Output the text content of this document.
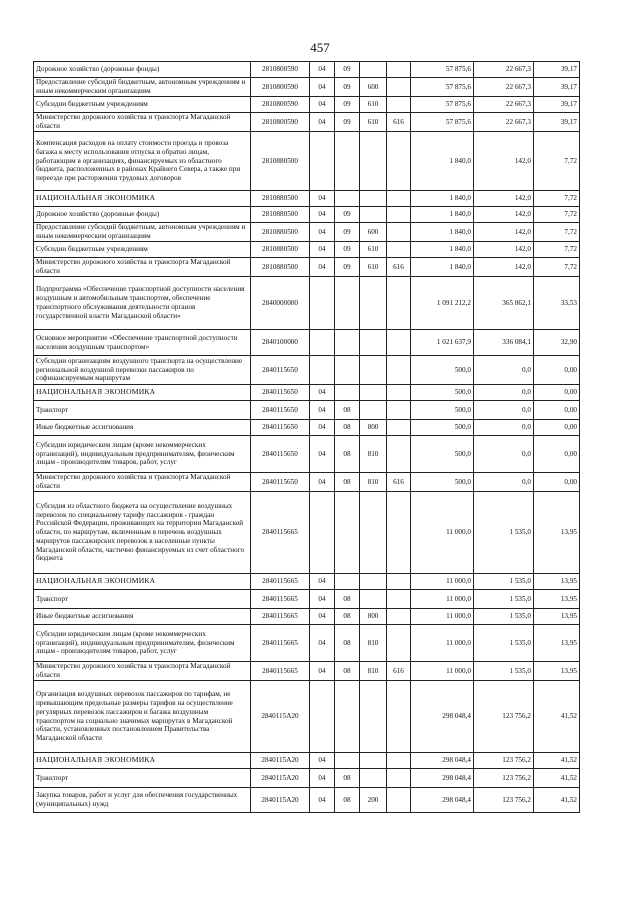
457
Дорожное хозяйство (дорожные фонды)	2810800590	04	09			57 875,6	22 667,3	39,17
Предоставление субсидий бюджетным, автономным учреждениям и иным некоммерческим организациям	2810800590	04	09	600		57 875,6	22 667,3	39,17
Субсидии бюджетным учреждениям	2810800590	04	09	610		57 875,6	22 667,3	39,17
Министерство дорожного хозяйства и транспорта Магаданской области	2810800590	04	09	610	616	57 875,6	22 667,3	39,17
Компенсация расходов на оплату стоимости проезда и провоза багажа к месту использования отпуска и обратно лицам, работающим в организациях, финансируемых из областного бюджета, расположенных в районах Крайнего Севера, а также при переезде при расторжении трудовых договоров	2810880500					1 840,0	142,0	7,72
НАЦИОНАЛЬНАЯ ЭКОНОМИКА	2810880500	04				1 840,0	142,0	7,72
Дорожное хозяйство (дорожные фонды)	2810880500	04	09			1 840,0	142,0	7,72
Предоставление субсидий бюджетным, автономным учреждениям и иным некоммерческим организациям	2810880500	04	09	600		1 840,0	142,0	7,72
Субсидии бюджетным учреждениям	2810880500	04	09	610		1 840,0	142,0	7,72
Министерство дорожного хозяйства и транспорта Магаданской области	2810880500	04	09	610	616	1 840,0	142,0	7,72
Подпрограмма «Обеспечение транспортной доступности населения воздушным и автомобильным транспортом, обеспечение транспортного обслуживания деятельности органов государственной власти Магаданской области»	2840000000					1 091 212,2	365 862,1	33,53
Основное мероприятие «Обеспечение транспортной доступности населения воздушным транспортом»	2840100000					1 021 637,9	336 084,1	32,90
Субсидии организациям воздушного транспорта на осуществление региональной воздушной перевозки пассажиров по софинансируемым маршрутам	2840115650					500,0	0,0	0,00
НАЦИОНАЛЬНАЯ ЭКОНОМИКА	2840115650	04				500,0	0,0	0,00
Транспорт	2840115650	04	08			500,0	0,0	0,00
Иные бюджетные ассигнования	2840115650	04	08	800		500,0	0,0	0,00
Субсидии юридическим лицам (кроме некоммерческих организаций), индивидуальным предпринимателям, физическим лицам - производителям товаров, работ, услуг	2840115650	04	08	810		500,0	0,0	0,00
Министерство дорожного хозяйства и транспорта Магаданской области	2840115650	04	08	810	616	500,0	0,0	0,00
Субсидия из областного бюджета на осуществление воздушных перевозок по специальному тарифу пассажиров - граждан Российской Федерации, проживающих на территории Магаданской области, по маршрутам, включенным в перечень воздушных маршрутов пассажирских перевозок в населенные пункты Магаданской области, частично финансируемых из счет областного бюджета	2840115665					11 000,0	1 535,0	13,95
НАЦИОНАЛЬНАЯ ЭКОНОМИКА	2840115665	04				11 000,0	1 535,0	13,95
Транспорт	2840115665	04	08			11 000,0	1 535,0	13,95
Иные бюджетные ассигнования	2840115665	04	08	800		11 000,0	1 535,0	13,95
Субсидии юридическим лицам (кроме некоммерческих организаций), индивидуальным предпринимателям, физическим лицам - производителям товаров, работ, услуг	2840115665	04	08	810		11 000,0	1 535,0	13,95
Министерство дорожного хозяйства и транспорта Магаданской области	2840115665	04	08	810	616	11 000,0	1 535,0	13,95
Организация воздушных перевозок пассажиров по тарифам, не превышающим предельные размеры тарифов на осуществление регулярных перевозок пассажиров и багажа воздушным транспортом на социально значимых маршрутах в Магаданской области, установленных постановлением Правительства Магаданской области	2840115A20					298 048,4	123 756,2	41,52
НАЦИОНАЛЬНАЯ ЭКОНОМИКА	2840115A20	04				298 048,4	123 756,2	41,52
Транспорт	2840115A20	04	08			298 048,4	123 756,2	41,52
Закупка товаров, работ и услуг для обеспечения государственных (муниципальных) нужд	2840115A20	04	08	200		298 048,4	123 756,2	41,52
